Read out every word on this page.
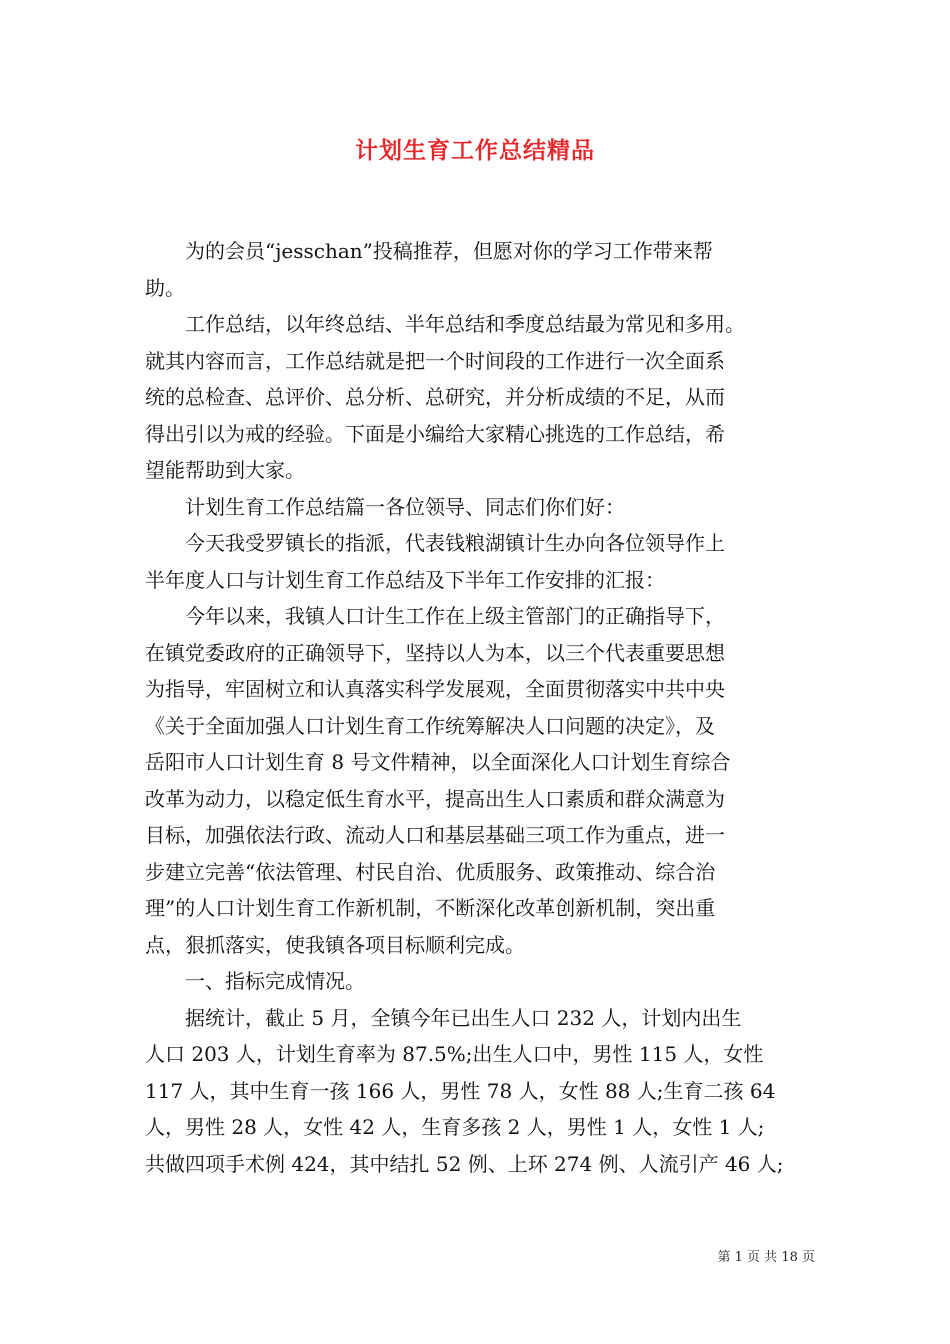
计划生育工作总结精品

为的会员“jesschan”投稿推荐，但愿对你的学习工作带来帮
助。

工作总结，以年终总结、半年总结和季度总结最为常见和多用。
就其内容而言，工作总结就是把一个时间段的工作进行一次全面系
统的总检查、总评价、总分析、总研究，并分析成绩的不足，从而
得出引以为戒的经验。下面是小编给大家精心挑选的工作总结，希
望能帮助到大家。

计划生育工作总结篇一各位领导、同志们你们好：

今天我受罗镇长的指派，代表钱粮湖镇计生办向各位领导作上
半年度人口与计划生育工作总结及下半年工作安排的汇报：

今年以来，我镇人口计生工作在上级主管部门的正确指导下，
在镇党委政府的正确领导下，坚持以人为本，以三个代表重要思想
为指导，牢固树立和认真落实科学发展观，全面贯彻落实中共中央
《关于全面加强人口计划生育工作统筹解决人口问题的决定》，及
岳阳市人口计划生育 8 号文件精神，以全面深化人口计划生育综合
改革为动力，以稳定低生育水平，提高出生人口素质和群众满意为
目标，加强依法行政、流动人口和基层基础三项工作为重点，进一
步建立完善“依法管理、村民自治、优质服务、政策推动、综合治
理”的人口计划生育工作新机制，不断深化改革创新机制，突出重
点，狠抓落实，使我镇各项目标顺利完成。

一、指标完成情况。

据统计，截止 5 月，全镇今年已出生人口 232 人，计划内出生
人口 203 人，计划生育率为 87.5%;出生人口中，男性 115 人，女性
117 人，其中生育一孩 166 人，男性 78 人，女性 88 人;生育二孩 64
人，男性 28 人，女性 42 人，生育多孩 2 人，男性 1 人，女性 1 人;
共做四项手术例 424，其中结扎 52 例、上环 274 例、人流引产 46 人;

第 1 页 共 18 页
